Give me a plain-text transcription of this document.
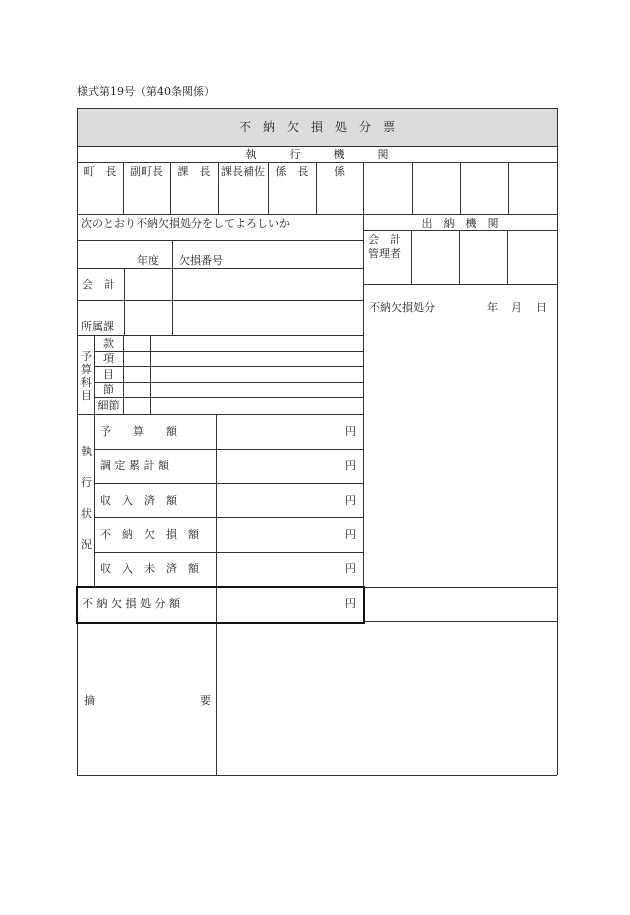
様式第19号（第40条関係）
不　納　欠　損　処　分　票
執　　　行　　　機　　　関
町　長	副町長	課　長 課長補佐 係　長	係
次のとおり不納欠損処分をしてよろしいか	出　納　機　関
会　計
管理者
年度 欠損番号
会　計
所属課
不納欠損処分	年 月 日
予算科目
款
項
目
節
細節
執行状況
予　　算　　額	円
調 定 累 計 額	円
収　入　済　額	円
不　納　欠　損　額	円
収　入　未　済　額	円
不 納 欠 損 処 分 額	円
摘	要
